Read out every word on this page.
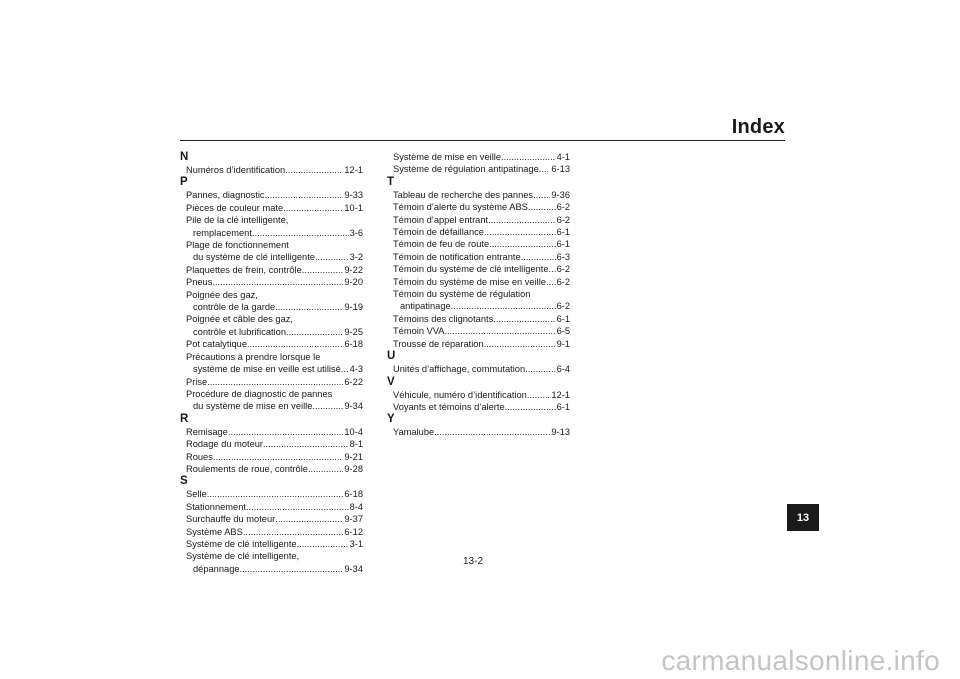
Index
N
Numéros d’identification .....	12-1
P
Pannes, diagnostic .....	9-33
Pièces de couleur mate .....	10-1
Pile de la clé intelligente,
remplacement .....	3-6
Plage de fonctionnement
du système de clé intelligente .....	3-2
Plaquettes de frein, contrôle .....	9-22
Pneus .....	9-20
Poignée des gaz,
contrôle de la garde .....	9-19
Poignée et câble des gaz,
contrôle et lubrification .....	9-25
Pot catalytique .....	6-18
Précautions à prendre lorsque le
système de mise en veille est utilisé ..... 4-3
Prise .....	6-22
Procédure de diagnostic de pannes
du système de mise en veille .....	9-34
R
Remisage .....	10-4
Rodage du moteur .....	8-1
Roues .....	9-21
Roulements de roue, contrôle .....	9-28
S
Selle .....	6-18
Stationnement .....	8-4
Surchauffe du moteur .....	9-37
Système ABS .....	6-12
Système de clé intelligente .....	3-1
Système de clé intelligente,
dépannage .....	9-34
Système de mise en veille .....	4-1
Système de régulation antipatinage ..... 6-13
T
Tableau de recherche des pannes ..... 9-36
Témoin d’alerte du système ABS .....	6-2
Témoin d’appel entrant .....	6-2
Témoin de défaillance .....	6-1
Témoin de feu de route .....	6-1
Témoin de notification entrante .....	6-3
Témoin du système de clé intelligente ..... 6-2
Témoin du système de mise en veille ..... 6-2
Témoin du système de régulation
antipatinage .....	6-2
Témoins des clignotants .....	6-1
Témoin VVA .....	6-5
Trousse de réparation .....	9-1
U
Unités d’affichage, commutation .....	6-4
V
Véhicule, numéro d’identification .....	12-1
Voyants et témoins d’alerte .....	6-1
Y
Yamalube .....	9-13
13
13-2
carmanualsonline.info
